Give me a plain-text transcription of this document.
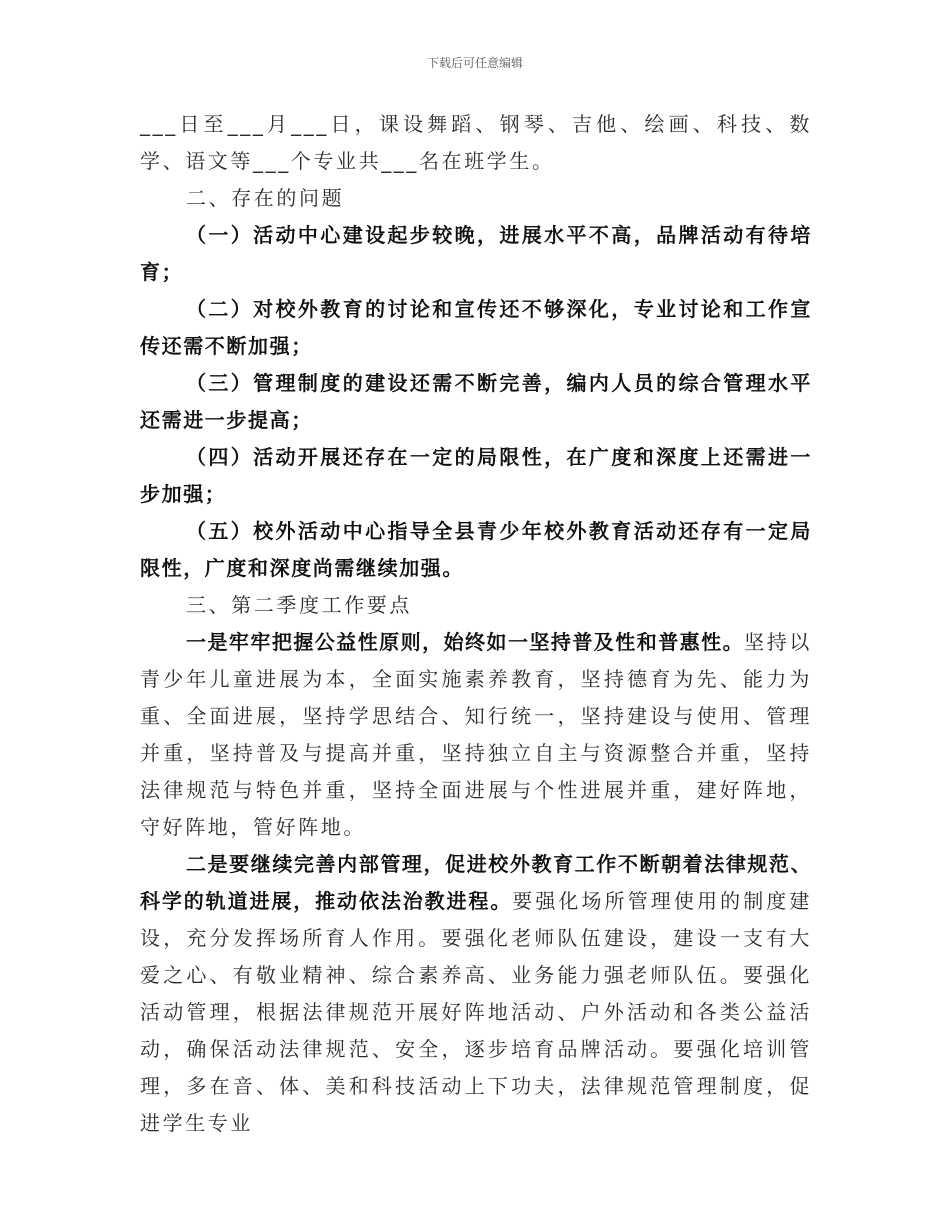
下载后可任意编辑

___日至___月___日，课设舞蹈、钢琴、吉他、绘画、科技、数学、语文等___个专业共___名在班学生。

二、存在的问题

（一）活动中心建设起步较晚，进展水平不高，品牌活动有待培育；

（二）对校外教育的讨论和宣传还不够深化，专业讨论和工作宣传还需不断加强；

（三）管理制度的建设还需不断完善，编内人员的综合管理水平还需进一步提高；

（四）活动开展还存在一定的局限性，在广度和深度上还需进一步加强；

（五）校外活动中心指导全县青少年校外教育活动还存有一定局限性，广度和深度尚需继续加强。

三、第二季度工作要点

一是牢牢把握公益性原则，始终如一坚持普及性和普惠性。坚持以青少年儿童进展为本，全面实施素养教育，坚持德育为先、能力为重、全面进展，坚持学思结合、知行统一，坚持建设与使用、管理并重，坚持普及与提高并重，坚持独立自主与资源整合并重，坚持法律规范与特色并重，坚持全面进展与个性进展并重，建好阵地，守好阵地，管好阵地。

二是要继续完善内部管理，促进校外教育工作不断朝着法律规范、科学的轨道进展，推动依法治教进程。要强化场所管理使用的制度建设，充分发挥场所育人作用。要强化老师队伍建设，建设一支有大爱之心、有敬业精神、综合素养高、业务能力强老师队伍。要强化活动管理，根据法律规范开展好阵地活动、户外活动和各类公益活动，确保活动法律规范、安全，逐步培育品牌活动。要强化培训管理，多在音、体、美和科技活动上下功夫，法律规范管理制度，促进学生专业
